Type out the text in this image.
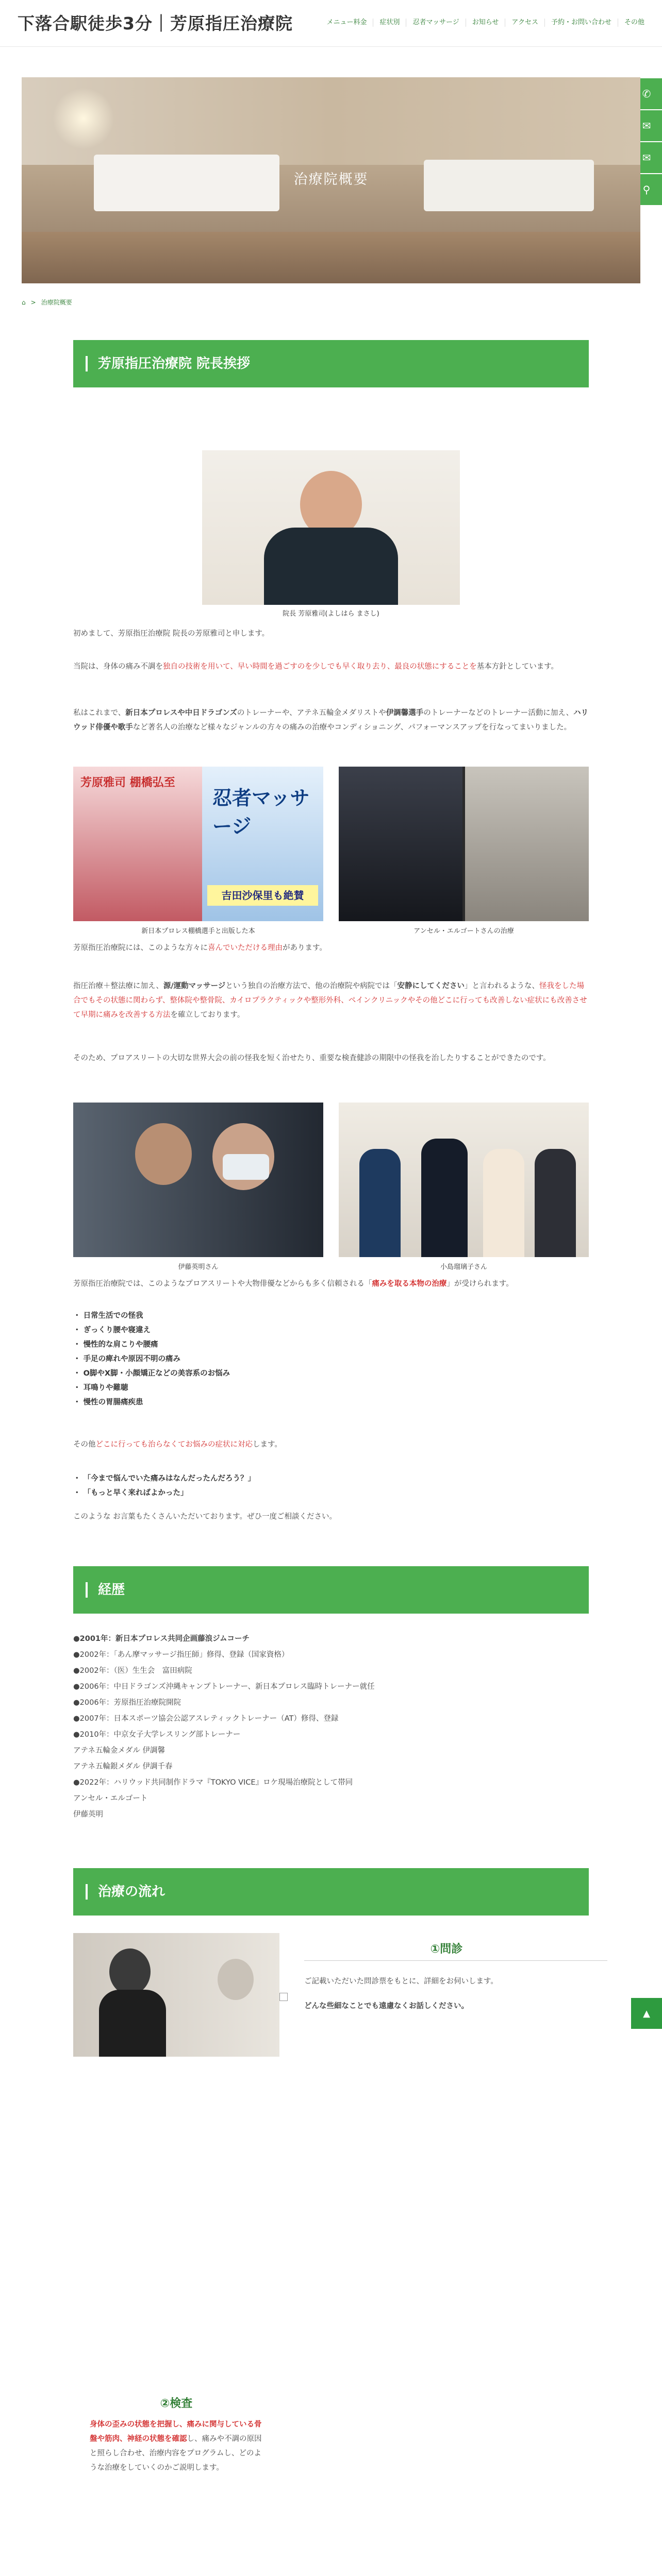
下落合駅徒歩3分｜芳原指圧治療院	メニュー料金	症状別	忍者マッサージ	お知らせ	アクセス	予約・お問い合わせ	その他
✆
✉
✉
⚲
治療院概要
⌂ > 治療院概要
芳原指圧治療院 院長挨拶
院長 芳原雅司(よしはら まさし)
初めまして、芳原指圧治療院 院長の芳原雅司と申します。
当院は、身体の痛み不調を独自の技術を用いて、早い時間を過ごすのを少しでも早く取り去り、最良の状態にすることを基本方針としています。
私はこれまで、新日本プロレスや中日ドラゴンズのトレーナーや、アテネ五輪金メダリストや伊調馨選手のトレーナーなどのトレーナー活動に加え、ハリウッド俳優や歌手など著名人の治療など様々なジャンルの方々の痛みの治療やコンディショニング、パフォーマンスアップを行なってまいりました。
芳原雅司 棚橋弘至
忍者マッサージ
吉田沙保里も絶賛
新日本プロレス棚橋選手と出版した本	アンセル・エルゴートさんの治療
芳原指圧治療院には、このような方々に喜んでいただける理由があります。
指圧治療＋整法療に加え、源/運動マッサージという独自の治療方法で、他の治療院や病院では「安静にしてください」と言われるような、怪我をした場合でもその状態に関わらず、整体院や整骨院、カイロプラクティックや整形外科、ペインクリニックやその他どこに行っても改善しない症状にも改善させて早期に痛みを改善する方法を確立しております。
そのため、プロアスリートの大切な世界大会の前の怪我を短く治せたり、重要な検査健診の期限中の怪我を治したりすることができたのです。
伊藤英明さん	小島瑠璃子さん
芳原指圧治療院では、このようなプロアスリートや大物俳優などからも多く信頼される「痛みを取る本物の治療」が受けられます。
・ 日常生活での怪我
・ ぎっくり腰や寝違え
・ 慢性的な肩こりや腰痛
・ 手足の痺れや原因不明の痛み
・ O脚やX脚・小顔矯正などの美容系のお悩み
・ 耳鳴りや難聴
・ 慢性の胃腸痛疾患
その他どこに行っても治らなくてお悩みの症状に対応します。
・ 「今まで悩んでいた痛みはなんだったんだろう？」
・ 「もっと早く来ればよかった」
このような お言葉もたくさんいただいております。ぜひ一度ご相談ください。
経歴
●2001年：新日本プロレス共同企画藤浪ジムコーチ
●2002年：「あん摩マッサージ指圧師」修得、登録（国家資格）
●2002年：（医）生生会　富田病院
●2006年：中日ドラゴンズ沖縄キャンプトレーナー、新日本プロレス臨時トレーナー就任
●2006年：芳原指圧治療院開院
●2007年：日本スポーツ協会公認アスレティックトレーナー（AT）修得、登録
●2010年：中京女子大学レスリング部トレーナー
アテネ五輪金メダル 伊調馨
アテネ五輪銀メダル 伊調千春
●2022年：ハリウッド共同制作ドラマ『TOKYO VICE』ロケ現場治療院として帯同
アンセル・エルゴート
伊藤英明
治療の流れ
①問診
ご記載いただいた問診票をもとに、詳細をお伺いします。
どんな些細なことでも遠慮なくお話しください。
▲
②検査
身体の歪みの状態を把握し、痛みに関与している骨盤や筋肉、神経の状態を確認し、痛みや不調の原因と照らし合わせ、治療内容をプログラムし、どのような治療をしていくのかご説明します。
